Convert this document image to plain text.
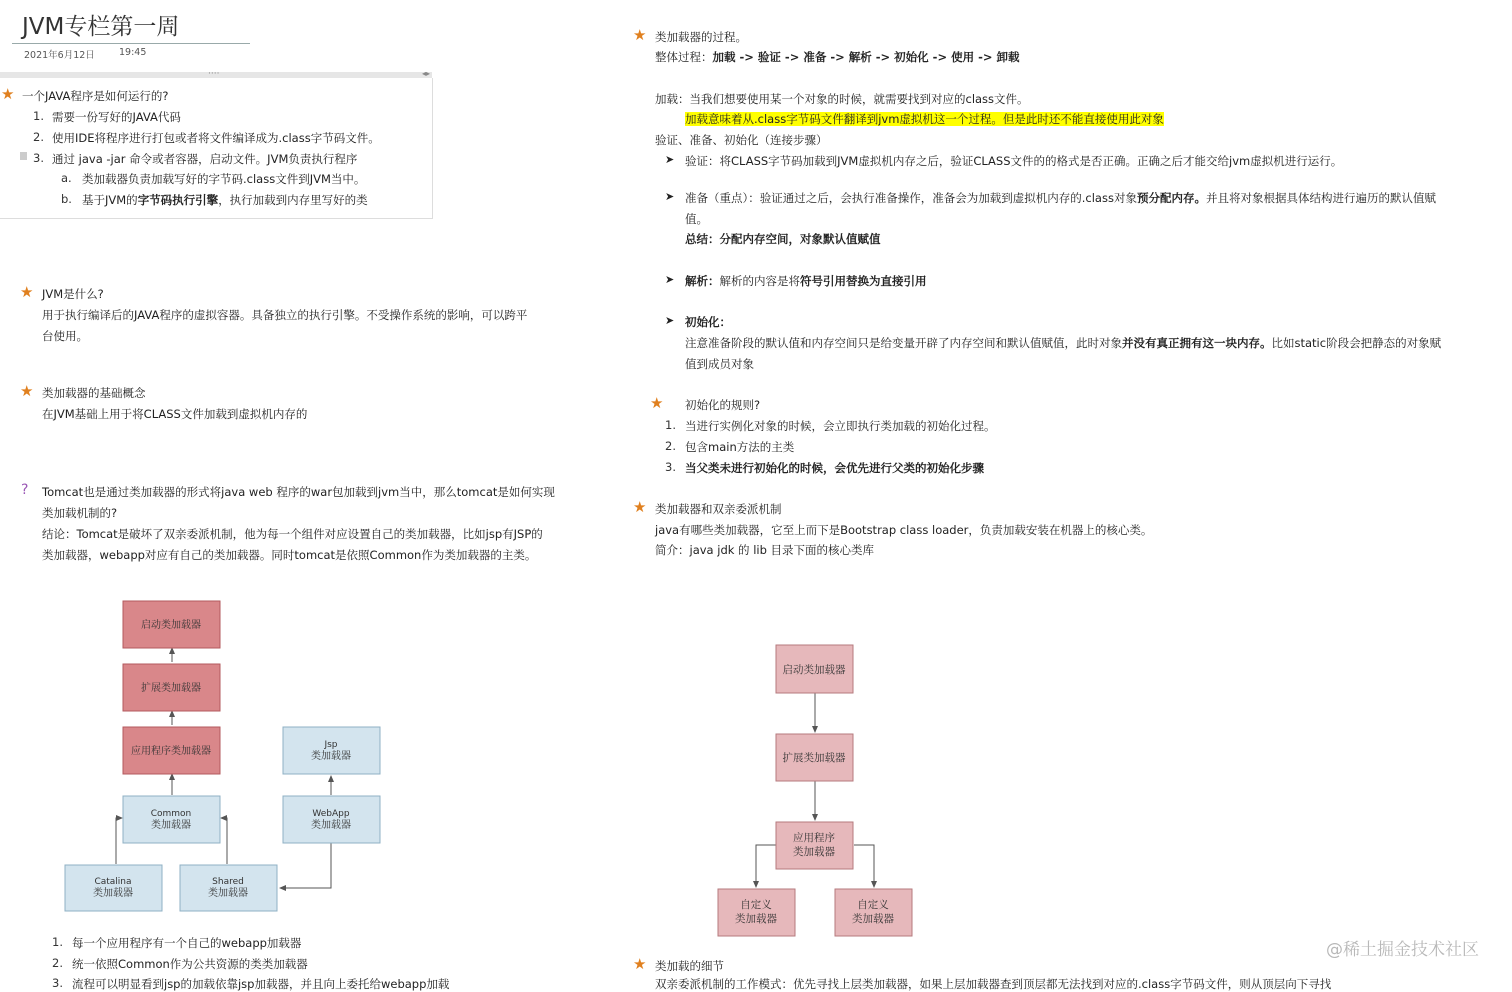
JVM专栏第一周
2021年6月12日	19:45
····	◂▸
★ 一个JAVA程序是如何运行的?
1. 需要一份写好的JAVA代码
2. 使用IDE将程序进行打包或者将文件编译成为.class字节码文件。
3. 通过 java -jar 命令或者容器，启动文件。JVM负责执行程序
a. 类加载器负责加载写好的字节码.class文件到JVM当中。
b. 基于JVM的字节码执行引擎，执行加载到内存里写好的类
★ JVM是什么?
用于执行编译后的JAVA程序的虚拟容器。具备独立的执行引擎。不受操作系统的影响，可以跨平
台使用。
★ 类加载器的基础概念
在JVM基础上用于将CLASS文件加载到虚拟机内存的
? Tomcat也是通过类加载器的形式将java web 程序的war包加载到jvm当中，那么tomcat是如何实现
类加载机制的?
结论：Tomcat是破坏了双亲委派机制，他为每一个组件对应设置自己的类加载器，比如jsp有JSP的
类加载器，webapp对应有自己的类加载器。同时tomcat是依照Common作为类加载器的主类。
启动类加载器
扩展类加载器
应用程序类加载器
Jsp
类加载器
Common
类加载器
WebApp
类加载器
Catalina
类加载器
Shared
类加载器
1. 每一个应用程序有一个自己的webapp加载器
2. 统一依照Common作为公共资源的类类加载器
3. 流程可以明显看到jsp的加载依靠jsp加载器，并且向上委托给webapp加载
★ 类加载器的过程。
整体过程：加载 -> 验证 -> 准备 -> 解析 -> 初始化 -> 使用 -> 卸载
加载：当我们想要使用某一个对象的时候，就需要找到对应的class文件。
加载意味着从.class字节码文件翻译到jvm虚拟机这一个过程。但是此时还不能直接使用此对象
验证、准备、初始化（连接步骤）
➤ 验证：将CLASS字节码加载到JVM虚拟机内存之后，验证CLASS文件的的格式是否正确。正确之后才能交给jvm虚拟机进行运行。
➤ 准备（重点）：验证通过之后，会执行准备操作，准备会为加载到虚拟机内存的.class对象预分配内存。并且将对象根据具体结构进行遍历的默认值赋
值。
总结：分配内存空间，对象默认值赋值
➤ 解析：解析的内容是将符号引用替换为直接引用
➤ 初始化：
注意准备阶段的默认值和内存空间只是给变量开辟了内存空间和默认值赋值，此时对象并没有真正拥有这一块内存。比如static阶段会把静态的对象赋
值到成员对象
★ 初始化的规则?
1. 当进行实例化对象的时候，会立即执行类加载的初始化过程。
2. 包含main方法的主类
3. 当父类未进行初始化的时候，会优先进行父类的初始化步骤
★ 类加载器和双亲委派机制
java有哪些类加载器，它至上而下是Bootstrap class loader，负责加载安装在机器上的核心类。
简介：java jdk 的 lib 目录下面的核心类库
启动类加载器
扩展类加载器
应用程序
类加载器
自定义
类加载器
自定义
类加载器
★ 类加载的细节
双亲委派机制的工作模式：优先寻找上层类加载器，如果上层加载器查到顶层都无法找到对应的.class字节码文件，则从顶层向下寻找
@稀土掘金技术社区
